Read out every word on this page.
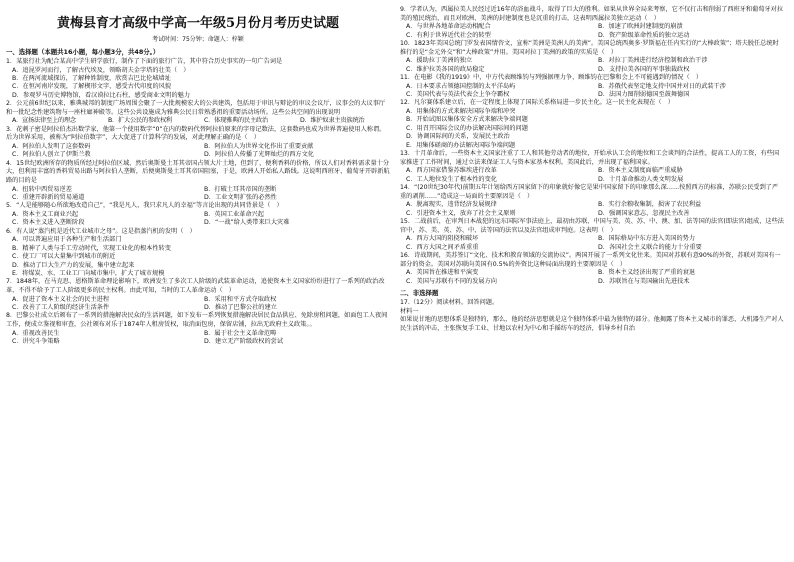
黄梅县育才高级中学高一年级5月份月考历史试题
考试时间：75分钟；命题人：梓颖
一、选择题（本题共16小题，每小题3分，共48分。）

1．某旅行社为配合某高中学生研学旅行，制作了下面的旅行广告，其中符合历史事实的一句广告词是

A．追昆罗河而行，了解古代埃及，领略胡夫金字塔的壮美（　）
B．在两河流域探访，了解种姓制度，欣赏吉巴比伦城墙址
C．在恒河南岸发现，了解楔形文字，感受古代印度的风貌
D．参观罗马历史博物馆，看汉谟拉比石柱，感受商业文明的魅力

2．公元前6世纪以来，雅典城邦的制度广场周围会聚了一大批规模宏大的公共建筑，包括用于审讯与辩论的审议会议厅，议事会的大议事厅和一批纪念性建筑物与一座柱廊神殿等。这些公共设施成为雅典公民日常熟悉祖的重要活动场所。这些公共空间的出现说明

A．宣扬法律至上的理念	B．扩大公民的参政权利	C．体现雅典的民主政治	D．维护奴隶主贵族统治

3．花刺子密是阿拉伯杰出数学家，他第一个使用数字“0”在内的数码代替阿拉伯原来的字母记数法，这套数码也成为世界普遍使用人称谓。后为世界采用，被称为“阿拉伯数字”，大大促进了计算科学的发展，对此理解正确的是（　）

A．阿拉伯人发明了这套数码	B．阿拉伯人为世界文化作出了重要贡献
C．阿拉伯人创立了伊斯兰教	D．阿拉伯人传播了光辉灿烂的西方文化

4．15世纪欧洲所存的物质所经过阿拉伯区域，然后奥斯曼土耳其帝国占领大片土地，但到了，便利香料的价格，所以人们对香料需求量十分大，但利用丰富的香料贸易出路与阿拉伯人垄断，后便奥斯曼土耳其帝国阻塞，于是，欧洲人开始私人路线。这说明西班牙、葡萄牙开辟新航路的目的是

A．扭转中西贸易逆差	B．打破土耳其帝国的垄断
C．重建开辟新的贸易通道	D．工业文明扩张的必然性

5．“人是能够随心所欲地改造自己”，“我是凡人，我只求凡人的幸福”等言论出现的共同背景是（　）

A．资本主义工商业兴起	B．英国工业革命兴起
C．资本主义进入垄断阶段	D．“一战”给人类带来巨大灾难

6．有人说“蒸汽机是近代工业城市之母”。这是指蒸汽机的发明（　）

A．可以普遍应用于各种生产和生活部门
B．精神了人类与手工劳动时代，实现工业化的根本性转变
C．使工厂可以大量集中到城市的附近
D．推动了巨大生产力的发展，集中建立起来
E．将煤炭、水、工业工厂向城市集中，扩大了城市规模

7．1848年，在马克思、恩格斯革命理论影响下，欧洲发生了多次工人阶级的武装革命运动，追使资本主义国家纷纷进行了一系列的政治改革，不得不给予了工人阶级更多的民主权利。由此可知，当时的工人革命运动（　）

A．促进了资本主义社会的民主进程	B．采用和平方式夺取政权
C．改善了工人阶级的经济生活条件	D．推动了巴黎公社的建立

8．巴黎公社成立后颁布了一系列的措施解决民众的生活问题，如下发布一系列恢复措施解决居民食品供应、免除房租问题，如面包工人夜间工作，便成立鉴视和审查，公社颁布对乐于1874年人租房赁权，取消面包房，保留店铺，拉出无政府主义政策。。

A．重视改善民生	B．属于社会主义革命范畴
C．讲究斗争策略	D．建立无产阶级政权的尝试

9．学者认为，西属拉美人民经过近16年的浴血战斗，取得了巨大的胜利。如果从世界全局来考察，它不仅打击和削弱了西班牙和葡萄牙对拉美的殖民统治，而且对欧洲、美洲的封建制度也是沉重的打击，这表明西属拉美独立运动（　）

A．与世界各地革命运动相配合	B．加速了欧洲封建制度的崩溃
C．有利于世界近代社会的转型	D．资产阶级革命性质的独立运动

10．1823年美国总统门罗发表国情咨文，宣称“美洲是美洲人的美洲”。美国总统西奥多·罗斯福在任内实行的“大棒政策”；塔夫脱任总统时推行的是“金元外交”和“大棒政策”并用。美国对拉丁美洲的政策的实质是（　）

A．援助拉丁美洲的独立	B．对拉丁美洲进行经济控制和政治干涉
C．维护拉美各国的政局稳定	D．支持拉美各国的军事独裁政权

11．在电影《我的1919》中，中方代表顾维钧与列强据理力争，顾维钧在巴黎和会上不可能遇到的情况（　）

A．日本要求占领德国控制的太平洋岛屿	B．苏俄代表坚定地支持中国并对日的武装干涉
C．美国代表与英法代表会上争夺霸权	D．法国力图削弱德国至鼓舞德国

12．凡尔赛体系建立后，在一定程度上体现了国际关系格局进一步民主化。这一民主化表现在（　）

A．用集体的方式来解决国际争端和冲突
B．开始试图以集体安全方式来解决争端问题
C．用召开国际会议的办法解决国际间的问题
D．协调国际间的关系，发展民主政治
E．用集体磋商的办法解决国际争端问题

13．十月革命后，一些资本主义国家注重了工人和其他劳动者的地位，开始承认工会的地位和工会谈判的合法性，提高工人的工资，有些国家推进了工作时间，通过立法来保证工人与资本家基本权利。美国此后，并出现了福利国家。

A．西方国家借鉴苏维埃进行改革	B．资本主义制度面临严重威胁
C．工人地位发生了根本性的变化	D．十月革命推动人类文明发展

14．“(20世纪30年代)前期五年计划给西方国家留下的印象就好像它是果中国家留下的印象那么深……按照西方的标准，苏联公民受到了严重的剥削……”造成这一局面的主要原因是（　）

A．脱离现实，违背经济发展规律	B．实行余粮收集制，损害了农民利益
C．引进资本主义，放弃了社会主义原则	D．强调国家意志，忽视民主改善

15．二战前后，在审判日本战犯的远东国际军事法庭上，最初由苏联、中国与美、英、苏、中、澳、加、法等国的法官(即法官)组成，这些法官中，苏、美、英、苏、中、法等国的法官以及法官组成审判庭。这表明（　）

A．西方大国的阻挠和破坏	B．国际格局中东方进入美国的势力
C．西方大国之间矛盾重重	D．各国社会主义联合的能力十分重要

16．诗战期间，美苏签订“文化、技术和教育领域的交流协议”。两国开展了一系列文化往来。美国对苏联有意90%的外资，苏联对美国有一部分的资金。美国对苏联向美国有0.5%的外资比这种局面出现的主要原因是（　）

A．美国旨在推进和平演变	B．资本主义经济出现了严重的衰退
C．美国与苏联有不同的发展方向	D．苏联旨在与美国输出先进技术
二、非选择题

17.（12分）阅读材料，回答问题。

材料一

如果说甘地的思想体系是独特的，那么，他的经济思想就是这个独特体系中最为独特的部分。他揭露了资本主义城市的罪恶，大机器生产对人民生活的冲击，主张恢复手工业、甘地以农村为中心和手摇纺车的经济，倡导乡村自治
